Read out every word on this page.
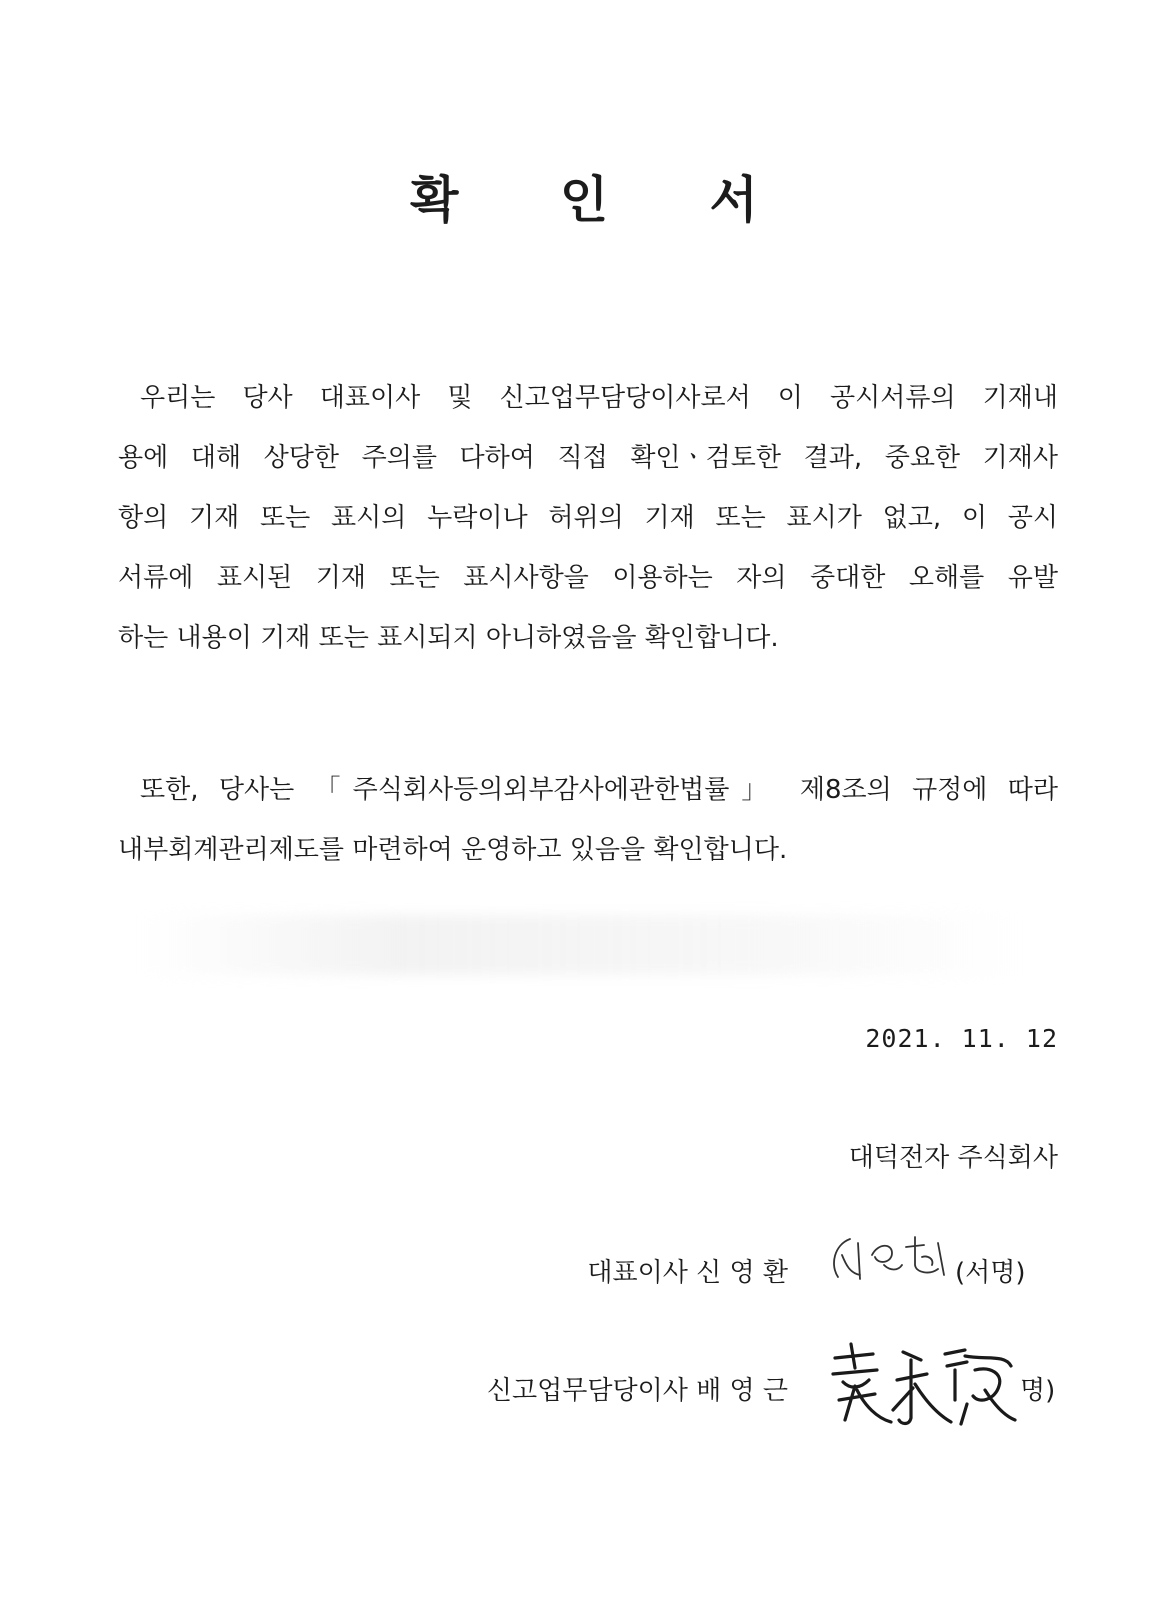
확 인 서
우리는 당사 대표이사 및 신고업무담당이사로서 이 공시서류의 기재내
용에 대해 상당한 주의를 다하여 직접 확인ㆍ검토한 결과, 중요한 기재사
항의 기재 또는 표시의 누락이나 허위의 기재 또는 표시가 없고, 이 공시
서류에 표시된 기재 또는 표시사항을 이용하는 자의 중대한 오해를 유발
하는 내용이 기재 또는 표시되지 아니하였음을 확인합니다.
또한, 당사는 「주식회사등의외부감사에관한법률」 제8조의 규정에 따라
내부회계관리제도를 마련하여 운영하고 있음을 확인합니다.
2021. 11. 12
대덕전자 주식회사
대표이사 신 영 환	(서명)
신고업무담당이사 배 영 근	명)
